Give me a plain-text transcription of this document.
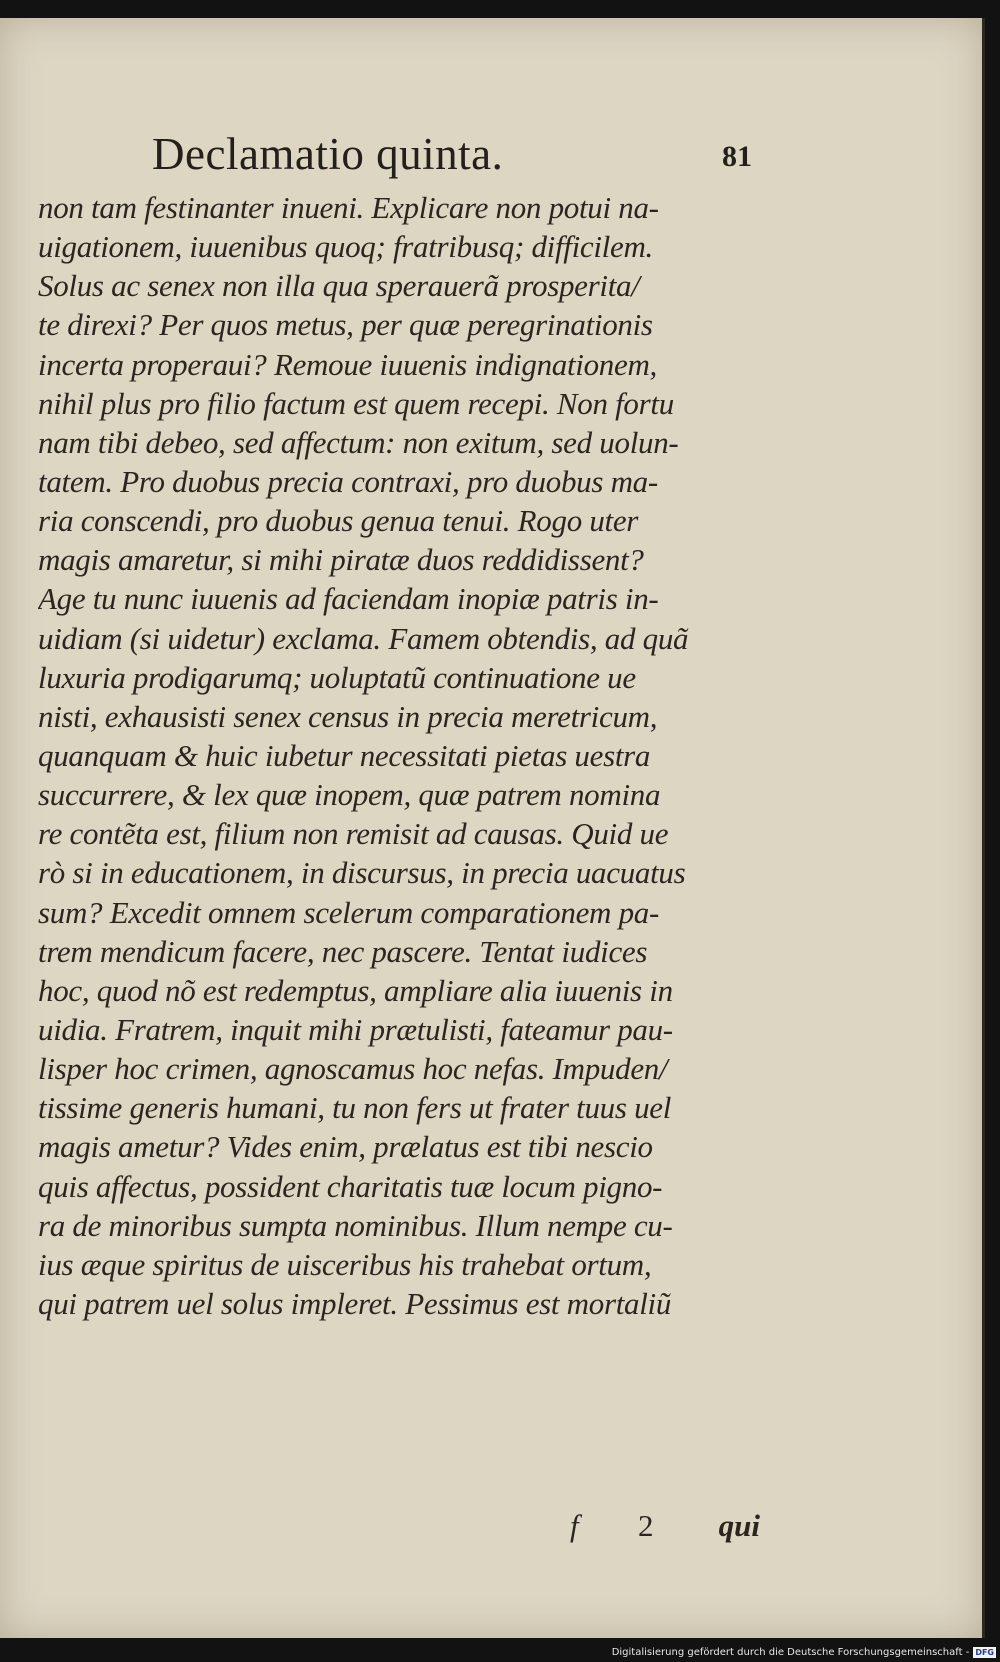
Declamatio quinta.	81
non tam festinanter inueni. Explicare non potui na-
uigationem, iuuenibus quoq; fratribusq; difficilem.
Solus ac senex non illa qua sperauerã prosperita/
te direxi? Per quos metus, per quæ peregrinationis
incerta properaui? Remoue iuuenis indignationem,
nihil plus pro filio factum est quem recepi. Non fortu
nam tibi debeo, sed affectum: non exitum, sed uolun-
tatem. Pro duobus precia contraxi, pro duobus ma-
ria conscendi, pro duobus genua tenui. Rogo uter
magis amaretur, si mihi piratæ duos reddidissent?
Age tu nunc iuuenis ad faciendam inopiæ patris in-
uidiam (si uidetur) exclama. Famem obtendis, ad quã
luxuria prodigarumq; uoluptatũ continuatione ue
nisti, exhausisti senex census in precia meretricum,
quanquam & huic iubetur necessitati pietas uestra
succurrere, & lex quæ inopem, quæ patrem nomina
re contẽta est, filium non remisit ad causas. Quid ue
rò si in educationem, in discursus, in precia uacuatus
sum? Excedit omnem scelerum comparationem pa-
trem mendicum facere, nec pascere. Tentat iudices
hoc, quod nõ est redemptus, ampliare alia iuuenis in
uidia. Fratrem, inquit mihi prætulisti, fateamur pau-
lisper hoc crimen, agnoscamus hoc nefas. Impuden/
tissime generis humani, tu non fers ut frater tuus uel
magis ametur? Vides enim, prælatus est tibi nescio
quis affectus, possident charitatis tuæ locum pigno-
ra de minoribus sumpta nominibus. Illum nempe cu-
ius æque spiritus de uisceribus his trahebat ortum,
qui patrem uel solus impleret. Pessimus est mortaliũ
f 2 qui
Digitalisierung gefördert durch die Deutsche Forschungsgemeinschaft - DFG
